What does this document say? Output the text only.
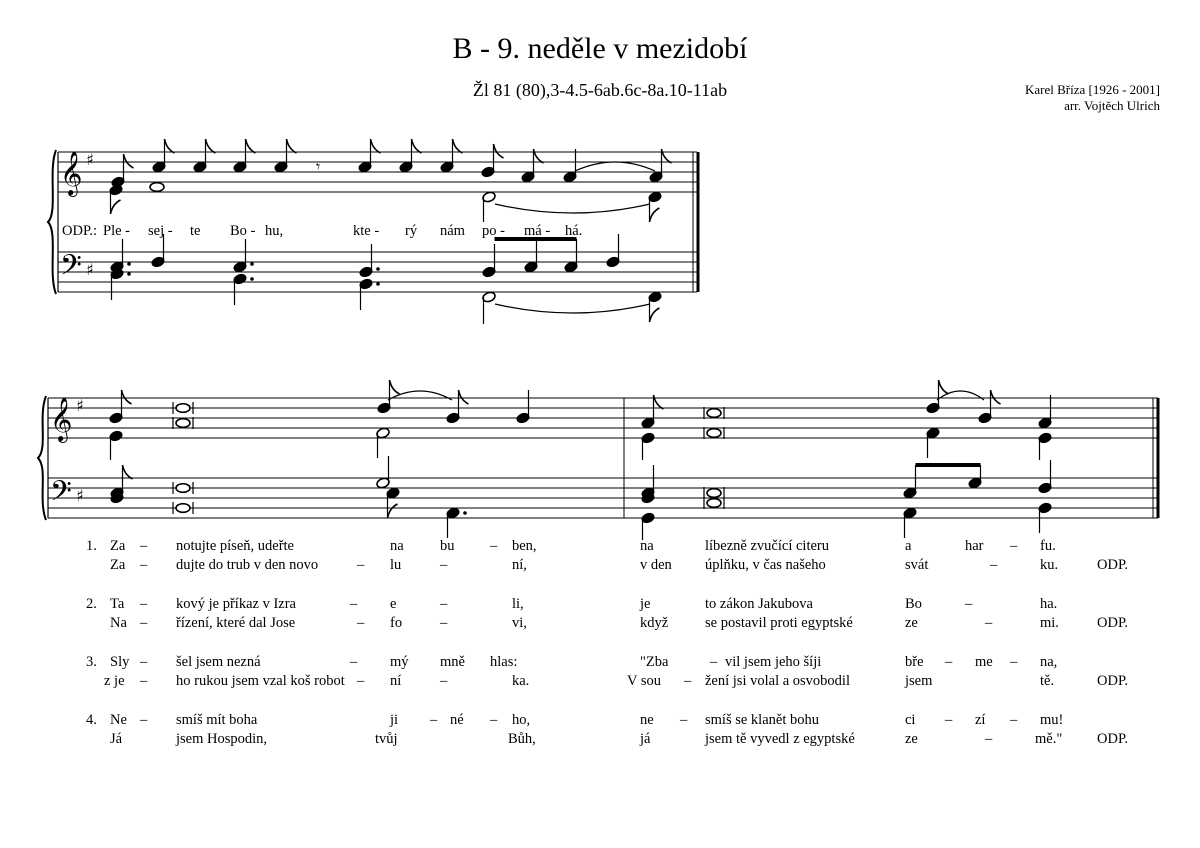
B - 9. neděle v mezidobí
Žl 81 (80),3-4.5-6ab.6c-8a.10-11ab	Karel Bříza [1926 - 2001]
arr. Vojtěch Ulrich
𝄞
𝄢
♯
♯
𝄾
𝄞
𝄢
♯
♯
ODP.: Ple - sej - te Bo - hu,	kte - rý nám po - má - há.
1. Za – notujte píseň, udeřte	na	bu – ben,	na	líbezně zvučící citeru	a	har – fu.
Za – dujte do trub v den novo	– lu	–	ní,	v den úplňku, v čas našeho	svát	–	ku.	ODP.
2. Ta – kový je příkaz v Izra	– e	–	li,	je	to zákon Jakubova	Bo	–	ha.
Na – řízení, které dal Jose	– fo	–	vi,	když	se postavil proti egyptské	ze	–	mi.	ODP.
3. Sly – šel jsem nezná	– mý mně hlas:	"Zba	– vil jsem jeho šíji	bře – me – na,
z je – ho rukou jsem vzal koš robot – ní	–	ka.	V sou – žení jsi volal a osvobodil	jsem	tě.	ODP.
4. Ne – smíš mít boha	ji – né – ho,	ne – smíš se klanět bohu	ci – zí – mu!
Já	jsem Hospodin,	tvůj	Bůh,	já	jsem tě vyvedl z egyptské	ze	–	mě." ODP.
